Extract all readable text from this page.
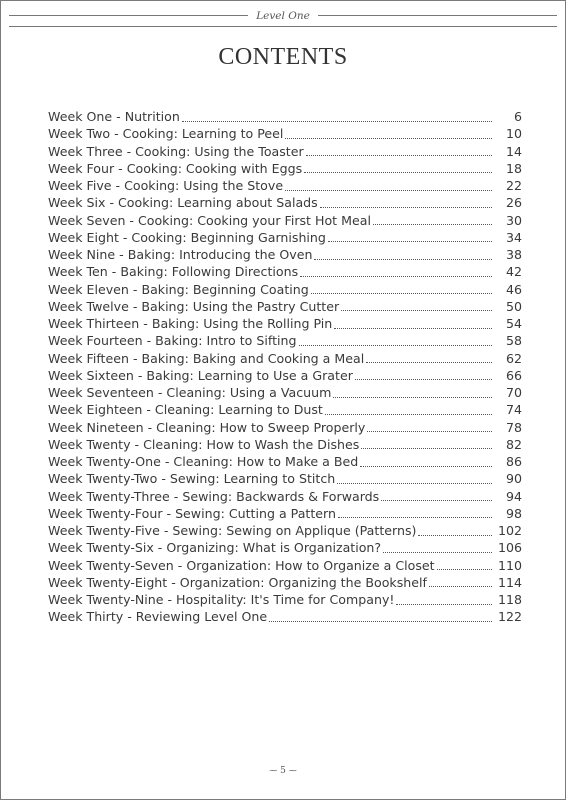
Level One
CONTENTS
Week One - Nutrition	6
Week Two - Cooking: Learning to Peel	10
Week Three - Cooking: Using the Toaster	14
Week Four - Cooking: Cooking with Eggs	18
Week Five - Cooking: Using the Stove	22
Week Six - Cooking: Learning about Salads	26
Week Seven - Cooking: Cooking your First Hot Meal	30
Week Eight - Cooking: Beginning Garnishing	34
Week Nine - Baking: Introducing the Oven	38
Week Ten - Baking: Following Directions	42
Week Eleven - Baking: Beginning Coating	46
Week Twelve - Baking: Using the Pastry Cutter	50
Week Thirteen - Baking: Using the Rolling Pin	54
Week Fourteen - Baking: Intro to Sifting	58
Week Fifteen - Baking: Baking and Cooking a Meal	62
Week Sixteen - Baking: Learning to Use a Grater	66
Week Seventeen - Cleaning: Using a Vacuum	70
Week Eighteen - Cleaning: Learning to Dust	74
Week Nineteen - Cleaning: How to Sweep Properly	78
Week Twenty - Cleaning: How to Wash the Dishes	82
Week Twenty-One - Cleaning: How to Make a Bed	86
Week Twenty-Two - Sewing: Learning to Stitch	90
Week Twenty-Three - Sewing: Backwards & Forwards	94
Week Twenty-Four - Sewing: Cutting a Pattern	98
Week Twenty-Five - Sewing: Sewing on Applique (Patterns)	102
Week Twenty-Six - Organizing: What is Organization?	106
Week Twenty-Seven - Organization: How to Organize a Closet	110
Week Twenty-Eight - Organization: Organizing the Bookshelf	114
Week Twenty-Nine - Hospitality: It's Time for Company!	118
Week Thirty - Reviewing Level One	122
⁓ 5 ⁓
